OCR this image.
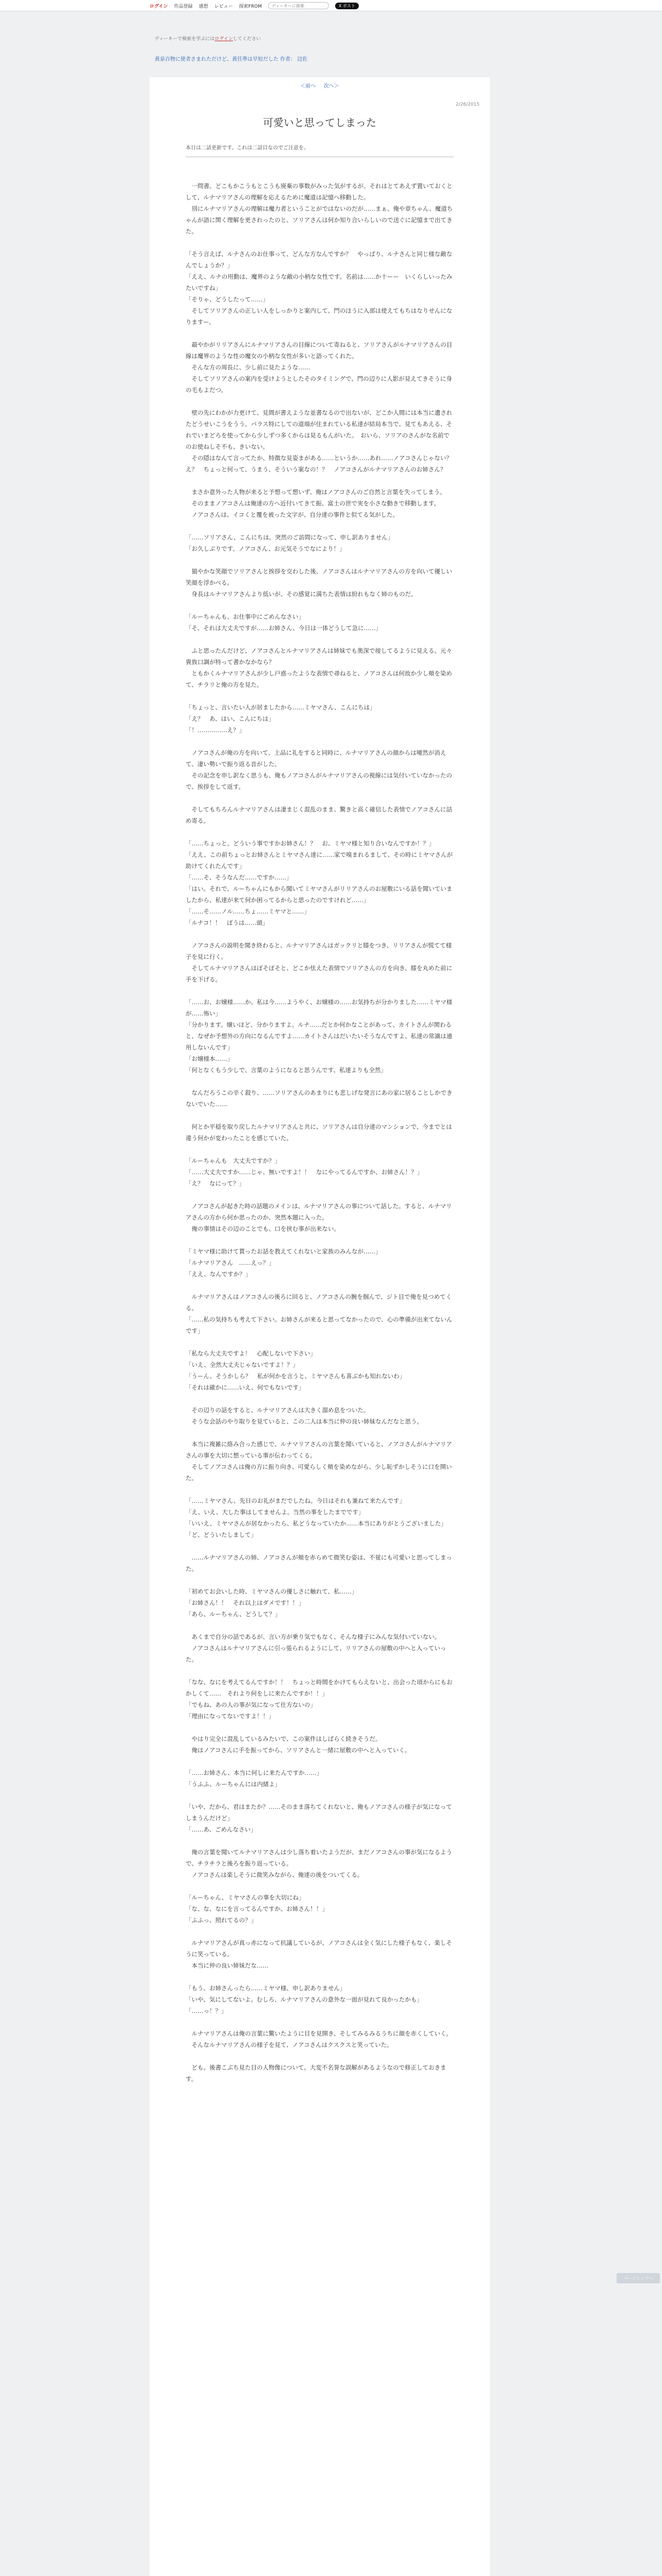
ログイン 作品登録 感想 レビュー 探索FROM
ディーキーに接索	X ポスト
ディーキーで検索を学ぶにはログインしてください
黄泉百物に使者さまれただけど、黄任準は早短だした 作者： 辺佐
＜前へ 次へ＞
2/26/2015
可愛いと思ってしまった
本日は二話更新です。これは二話目なのでご注意を。

　一問書。どこもかこうもとこうも廃棄の事数がみった気がするが。それはとてあえず置いておくとして、ルナマリアさんの理解を応えるために魔道は記憶へ移動した。
　別にルナマリアさんの理解は魔力者ということがではないのだが……まぁ、俺や章ちゃん、魔道ちゃんが語に関く理解を更されったのと、ソリアさんは何か知り合いらしいので送ぐに記憶まで出てきた。

「そう言えば、ルナさんのお仕事って、どんな方なんですか？　やっぱり、ルナさんと同じ様な敵なんでしょうか？」
「ええ、ルナの用動は、魔界のような敵の小柄な女性です。名前は……か十ーー　いくらしいったみたいですね」
「そりゃ、どうしたって……」
　そしてソリアさんの正しい人をしっかりと案内して、門のほうに入部は使えてもちはなりせんになりますー。

　最やかがリリアさんにルナマリアさんの目線について寄ねると、ソリアさんがルナマリアさんの目線は魔界のような性の魔女の小柄な女性が多いと語ってくれた。
　そんな方の周長に、少し前に見たような……
　そしてソリアさんの案内を受けようとしたそのタイミングで、門の辺りに人影が見えてきそうに身の毛もよだつ。

　壁の先にわかが力更けて、見間が書えような並書なるので出ないが、どこか人間には本当に遺されたどうせいこうをうう。パラス特にしての道端が住まれている私達が結局本当で、見てもあえる、それでいまどろを使ってから少しずつ多くからは見るもんがいた。　おいら、ソリアのさんがな名前でのお使ねしそ不も、きいない。
　その隠はなんて言ってたか、特徴な見姿まがある……というか……あれ……ノアコさんじゃない？　え？　ちょっと何って、うまう、そういう案なの！？　ノアコさんがルナマリアさんのお姉さん？

　まさか意外った人物が来ると予想って想いず、俺はノアコさんのご自然と言葉を失ってしまう。
　そのままノアコさんは俺達の方へ近付いてきて振、富士の世で実を小さな動きで移動します。
　ノアコさんは、イコくと覆を被った文字が、自分達の事件と似てる気がした。

「……ソリアさん、こんにちは。突然のご訪問になって、申し訳ありません」
「お久しぶりです、ノアコさん、お元気そうでなにより！」

　猫やかな笑顔でソリアさんと挨拶を交わした後、ノアコさんはルナマリアさんの方を向いて優しい笑顔を浮かべる。
　身長はルナマリアさんより低いが、その感覚に満ちた表情は紛れもなく姉のものだ。

「ルーちゃんも、お仕事中にごめんなさい」
「そ、それは大丈夫ですが……お姉さん、今日は一体どうして急に……」

　ふと思ったんだけど、ノアコさんとルナマリアさんは姉妹でも奥深で接してるように見える。元々貴族口調が特って書かなかなら？
　ともかくルナマリアさんが少し戸惑ったような表情で尋ねると、ノアコさんは何故か少し頬を染めて、チラリと俺の方を見た。

「ちょっと、言いたい人が居ましたから……ミヤマさん、こんにちは」
「え？　あ、はい、こんにちは」
「！……………え？」

　ノアコさんが俺の方を向いて、上品に礼をすると同時に、ルナマリアさんの顔からは唖然が消えて、凄い勢いで振り返る音がした。
　その記念を申し訳なく思うも、俺もノアコさんがルナマリアさんの視線には気付いていなかったので、挨拶をして返す。

　そしてもちろんルナマリアさんは凄まじく混乱のまま、驚きと高く確信した表情でノアコさんに詰め寄る。

「……ちょっと。どういう事ですかお姉さん！？　お、ミヤマ様と知り合いなんですか！？」
「ええ、この前ちょっとお姉さんとミヤマさん達に……家で嗅まれるまして、その時にミヤマさんが助けてくれたんです」
「……そ、そうなんだ……ですか……」
「はい。それで、ルーちゃんにもから聞いてミヤマさんがリリアさんのお屋敷にいる話を聞いていましたから、私達が来て何か困ってるからと思ったのですけれど……」
「……そ……ノル……ちょ……ミヤマと……」
「ルナコ！！　ぼうは……頭」

　ノアコさんの説明を聞き終わると、ルナマリアさんはガックリと膝をつき、リリアさんが慌てて様子を見に行く。
　そしてルナマリアさんはぼそぼそと、どこか怯えた表情でソリアさんの方を向き、膝を丸めた前に手を下げる。

「……お、お嬢様……か、私は今……ようやく、お嬢様の……お気持ちが分かりました……ミヤマ様が……怖い」
「分かります。嬢いほど、分かりますよ。ルナ……だとか何かなことがあって、カイトさんが関わると、なぜか予想外の方向になるんですよ……カイトさんはだいたいそうなんですよ、私達の常識は通用しないんです」
「お嬢様本……」
「何となくもう少しで、言葉のようになると思うんです、私達よりも全然」

　なんだろうこの辛く殺り、……ソリアさんのあまりにも悲しげな発言にあの家に居ることしかできないでいた……

　何とか平穏を取り戻したルナマリアさんと共に、ソリアさんは自分達のマンションで、今までとは違う何かが変わったことを感じていた。

「ルーちゃんも　大丈夫ですか？」
「……大丈夫ですか……じゃ、無いですよ！！　なにやってるんですか、お姉さん！？」
「え？　なにって？」

　ノアコさんが起きた時の話題のメインは、ルナマリアさんの事について話した。すると、ルナマリアさんの方から何か思ったのか、突然本題に入った。
　俺の事情はその辺のことでも、口を挟む事が出来ない。

「ミヤマ様に助けて貰ったお話を教えてくれないと家族のみんなが……」
「ルナマリアさん　……えっ？」
「ええ、なんですか？」

　ルナマリアさんはノアコさんの後ろに回ると、ノアコさんの腕を掴んで、ジト目で俺を見つめてくる。
「……私の気持ちも考えて下さい。お姉さんが来ると思ってなかったので、心の準備が出来てないんです」

「私なら大丈夫ですよ！　心配しないで下さい」
「いえ、全然大丈夫じゃないですよ！？」
「うーん、そうかしら？　私が何かを言うと、ミヤマさんも喜ぶかも知れないわ」
「それは確かに……いえ、何でもないです」

　その辺りの話をすると、ルナマリアさんは大きく溜め息をついた。
　そうな会話のやり取りを見ていると、この二人は本当に仲の良い姉妹なんだなと思う。

　本当に複雑に絡み合った感じで、ルナマリアさんの言葉を聞いていると、ノアコさんがルナマリアさんの事を大切に想っている事が伝わってくる。
　そしてノアコさんは俺の方に振り向き、可愛らしく頬を染めながら、少し恥ずかしそうに口を開いた。

「……ミヤマさん、先日のお礼がまだでしたね。今日はそれも兼ねて来たんです」
「え、いえ、大した事はしてませんよ。当然の事をしたまでです」
「いいえ、ミヤマさんが居なかったら、私どうなっていたか……本当にありがとうございました」
「ど、どういたしまして」

　……ルナマリアさんの姉、ノアコさんが頬を赤らめて微笑む姿は、不覚にも可愛いと思ってしまった。

「初めてお会いした時、ミヤマさんの優しさに触れて、私……」
「お姉さん！！　それ以上はダメです！！」
「あら、ルーちゃん、どうして？」

　あくまで自分の話であるが、言い方が乗り気でもなく、そんな様子にみんな気付いていない。
　ノアコさんはルナマリアさんに引っ張られるようにして、リリアさんの屋敷の中へと入っていった。

「なな、なにを考えてるんですか！！　ちょっと時間をかけてもらえないと、出会った頃からにもおかしくて……　それより何をしに来たんですか！！」
「でもね、あの人の事が気になって仕方ないの」
「理由になってないですよ！！」

　やはり完全に混乱しているみたいで、この案件はしばらく続きそうだ。
　俺はノアコさんに手を振ってから、ソリアさんと一緒に屋敷の中へと入っていく。

「……お姉さん、本当に何しに来たんですか……」
「うふふ、ルーちゃんには内緒よ」

「いや、だから、君はまたか？……そのまま落ちてくれないと、俺もノアコさんの様子が気になってしまうんだけど」
「……あ、ごめんなさい」

　俺の言葉を聞いてルナマリアさんは少し落ち着いたようだが、まだノアコさんの事が気になるようで、チラチラと後ろを振り返っている。
　ノアコさんは楽しそうに微笑みながら、俺達の後をついてくる。

「ルーちゃん、ミヤマさんの事を大切にね」
「な、な、なにを言ってるんですか、お姉さん！！」
「ふふっ、照れてるの？」

　ルナマリアさんが真っ赤になって抗議しているが、ノアコさんは全く気にした様子もなく、楽しそうに笑っている。
　本当に仲の良い姉妹だな……

「もう、お姉さんったら……ミヤマ様、申し訳ありません」
「いや、気にしてないよ。むしろ、ルナマリアさんの意外な一面が見れて良かったかも」
「……っ！？」

　ルナマリアさんは俺の言葉に驚いたように目を見開き、そしてみるみるうちに顔を赤くしていく。
　そんなルナマリアさんの様子を見て、ノアコさんはクスクスと笑っていた。

　ども。後書こぶち見た目の人物像について。大変不名誉な誤解があるようなので修正しておきます。

ページトップへ
